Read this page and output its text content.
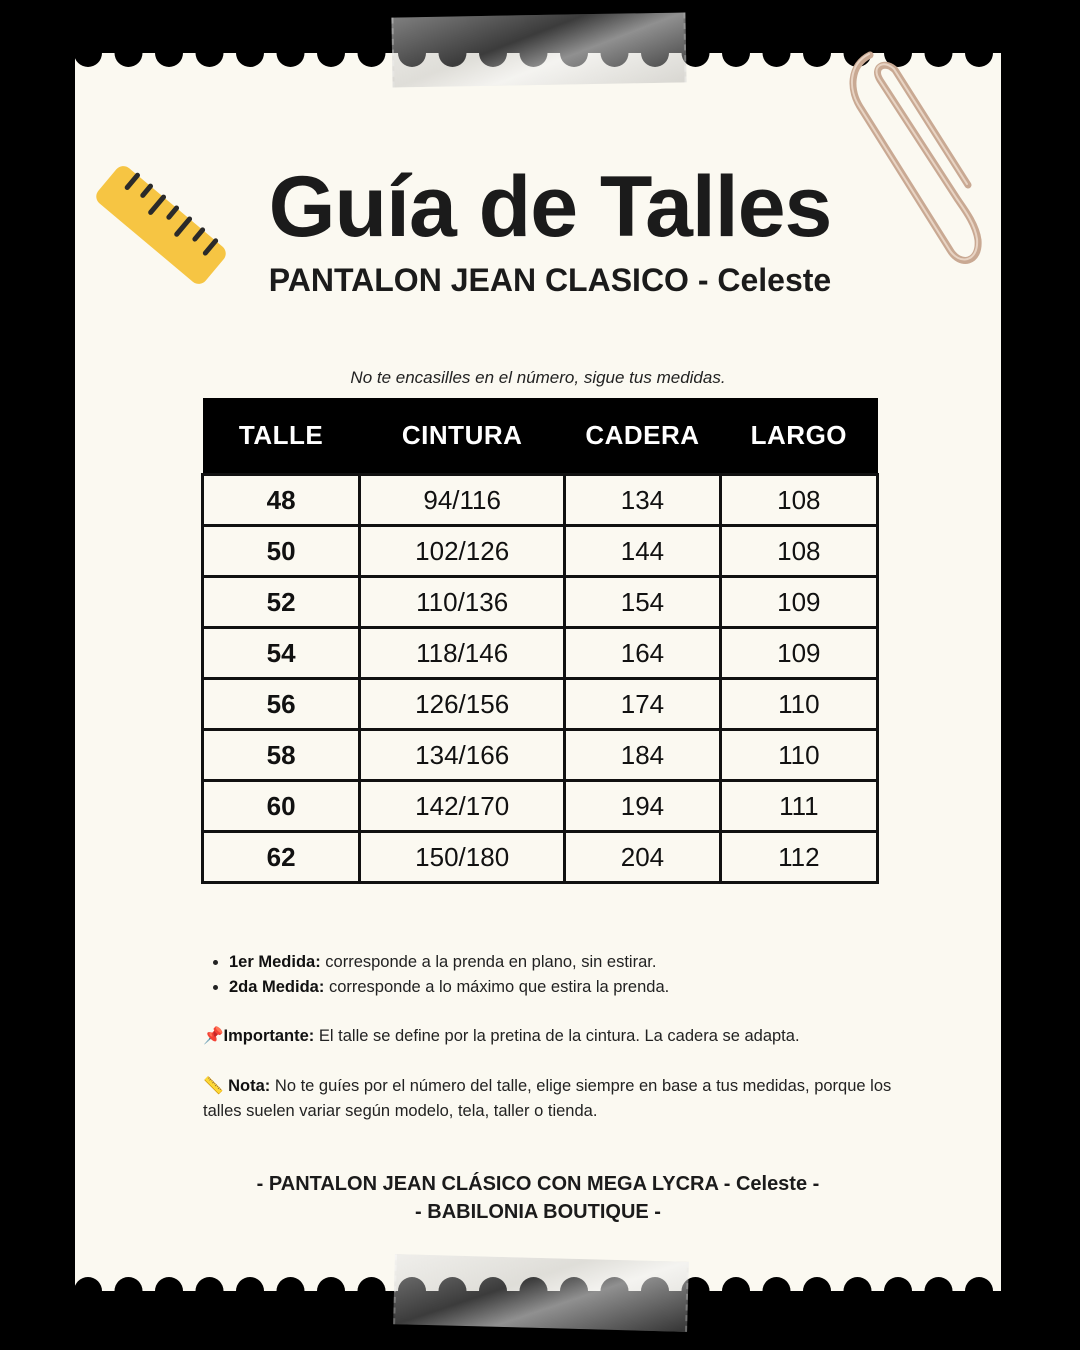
Guía de Talles
PANTALON JEAN CLASICO - Celeste
No te encasilles en el número, sigue tus medidas.
TALLE	CINTURA	CADERA	LARGO
48	94/116	134	108
50	102/126	144	108
52	110/136	154	109
54	118/146	164	109
56	126/156	174	110
58	134/166	184	110
60	142/170	194	111
62	150/180	204	112
• 1er Medida: corresponde a la prenda en plano, sin estirar.
• 2da Medida: corresponde a lo máximo que estira la prenda.
📌Importante: El talle se define por la pretina de la cintura. La cadera se adapta.
📏 Nota: No te guíes por el número del talle, elige siempre en base a tus medidas, porque los talles suelen variar según modelo, tela, taller o tienda.
- PANTALON JEAN CLÁSICO CON MEGA LYCRA - Celeste -
- BABILONIA BOUTIQUE -
